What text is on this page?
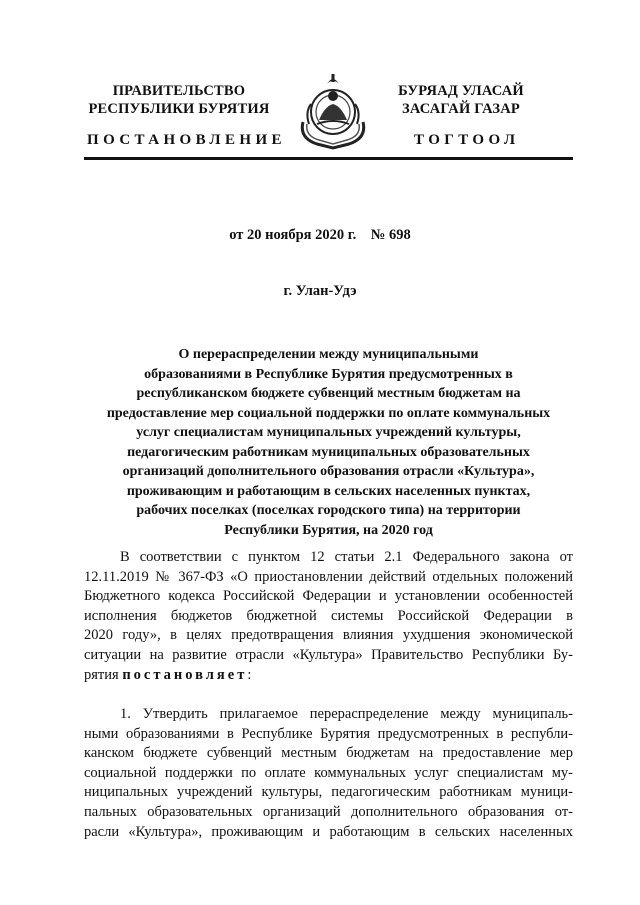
ПРАВИТЕЛЬСТВО
РЕСПУБЛИКИ БУРЯТИЯ
БУРЯАД УЛАСАЙ
ЗАСАГАЙ ГАЗАР
ПОСТАНОВЛЕНИЕ	ТОГТООЛ
от 20 ноября 2020 г.    № 698
г. Улан-Удэ
О перераспределении между муниципальными
образованиями в Республике Бурятия предусмотренных в
республиканском бюджете субвенций местным бюджетам на
предоставление мер социальной поддержки по оплате коммунальных
услуг специалистам муниципальных учреждений культуры,
педагогическим работникам муниципальных образовательных
организаций дополнительного образования отрасли «Культура»,
проживающим и работающим в сельских населенных пунктах,
рабочих поселках (поселках городского типа) на территории
Республики Бурятия, на 2020 год
В соответствии с пунктом 12 статьи 2.1 Федерального закона от
12.11.2019 № 367-ФЗ «О приостановлении действий отдельных положений
Бюджетного кодекса Российской Федерации и установлении особенностей
исполнения бюджетов бюджетной системы Российской Федерации в
2020 году», в целях предотвращения влияния ухудшения экономической
ситуации на развитие отрасли «Культура» Правительство Республики Бу-
рятия постановляет:
1. Утвердить прилагаемое перераспределение между муниципаль-
ными образованиями в Республике Бурятия предусмотренных в республи-
канском бюджете субвенций местным бюджетам на предоставление мер
социальной поддержки по оплате коммунальных услуг специалистам му-
ниципальных учреждений культуры, педагогическим работникам муници-
пальных образовательных организаций дополнительного образования от-
расли «Культура», проживающим и работающим в сельских населенных
